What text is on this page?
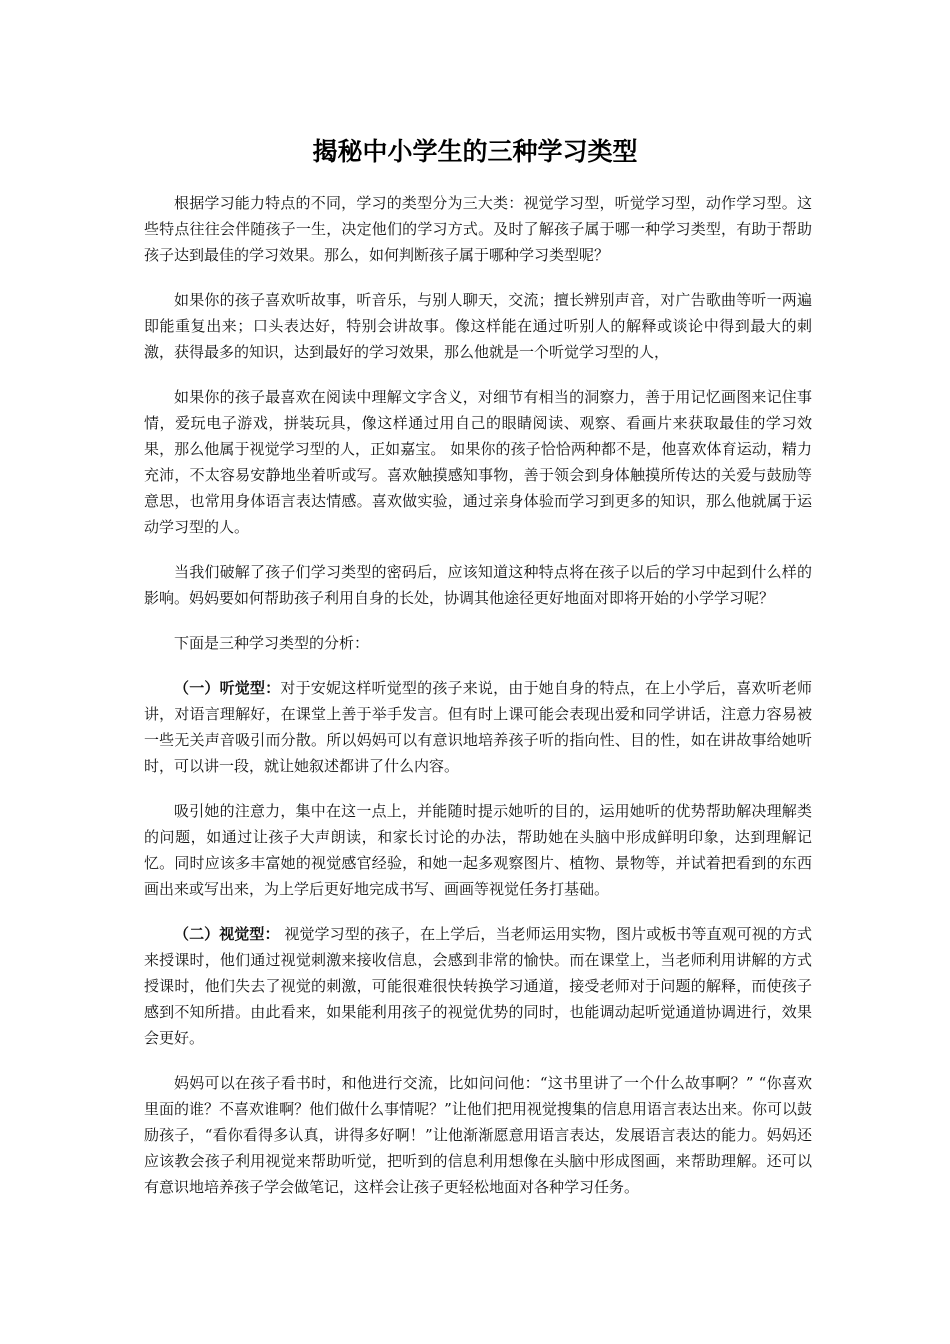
揭秘中小学生的三种学习类型

根据学习能力特点的不同，学习的类型分为三大类：视觉学习型，听觉学习型，动作学习型。这些特点往往会伴随孩子一生，决定他们的学习方式。及时了解孩子属于哪一种学习类型，有助于帮助孩子达到最佳的学习效果。那么，如何判断孩子属于哪种学习类型呢？

如果你的孩子喜欢听故事，听音乐，与别人聊天，交流；擅长辨别声音，对广告歌曲等听一两遍即能重复出来；口头表达好，特别会讲故事。像这样能在通过听别人的解释或谈论中得到最大的刺激，获得最多的知识，达到最好的学习效果，那么他就是一个听觉学习型的人，

如果你的孩子最喜欢在阅读中理解文字含义，对细节有相当的洞察力，善于用记忆画图来记住事情，爱玩电子游戏，拼装玩具，像这样通过用自己的眼睛阅读、观察、看画片来获取最佳的学习效果，那么他属于视觉学习型的人，正如嘉宝。 如果你的孩子恰恰两种都不是，他喜欢体育运动，精力充沛，不太容易安静地坐着听或写。喜欢触摸感知事物，善于领会到身体触摸所传达的关爱与鼓励等意思，也常用身体语言表达情感。喜欢做实验，通过亲身体验而学习到更多的知识，那么他就属于运动学习型的人。

当我们破解了孩子们学习类型的密码后，应该知道这种特点将在孩子以后的学习中起到什么样的影响。妈妈要如何帮助孩子利用自身的长处，协调其他途径更好地面对即将开始的小学学习呢？

下面是三种学习类型的分析：

（一）听觉型：对于安妮这样听觉型的孩子来说，由于她自身的特点，在上小学后，喜欢听老师讲，对语言理解好，在课堂上善于举手发言。但有时上课可能会表现出爱和同学讲话，注意力容易被一些无关声音吸引而分散。所以妈妈可以有意识地培养孩子听的指向性、目的性，如在讲故事给她听时，可以讲一段，就让她叙述都讲了什么内容。

吸引她的注意力，集中在这一点上，并能随时提示她听的目的，运用她听的优势帮助解决理解类的问题，如通过让孩子大声朗读，和家长讨论的办法，帮助她在头脑中形成鲜明印象，达到理解记忆。同时应该多丰富她的视觉感官经验，和她一起多观察图片、植物、景物等，并试着把看到的东西画出来或写出来，为上学后更好地完成书写、画画等视觉任务打基础。

（二）视觉型： 视觉学习型的孩子，在上学后，当老师运用实物，图片或板书等直观可视的方式来授课时，他们通过视觉刺激来接收信息，会感到非常的愉快。而在课堂上，当老师利用讲解的方式授课时，他们失去了视觉的刺激，可能很难很快转换学习通道，接受老师对于问题的解释，而使孩子感到不知所措。由此看来，如果能利用孩子的视觉优势的同时，也能调动起听觉通道协调进行，效果会更好。

妈妈可以在孩子看书时，和他进行交流，比如问问他：“这书里讲了一个什么故事啊？” “你喜欢里面的谁？不喜欢谁啊？他们做什么事情呢？”让他们把用视觉搜集的信息用语言表达出来。你可以鼓励孩子，“看你看得多认真，讲得多好啊！”让他渐渐愿意用语言表达，发展语言表达的能力。妈妈还应该教会孩子利用视觉来帮助听觉，把听到的信息利用想像在头脑中形成图画，来帮助理解。还可以有意识地培养孩子学会做笔记，这样会让孩子更轻松地面对各种学习任务。
